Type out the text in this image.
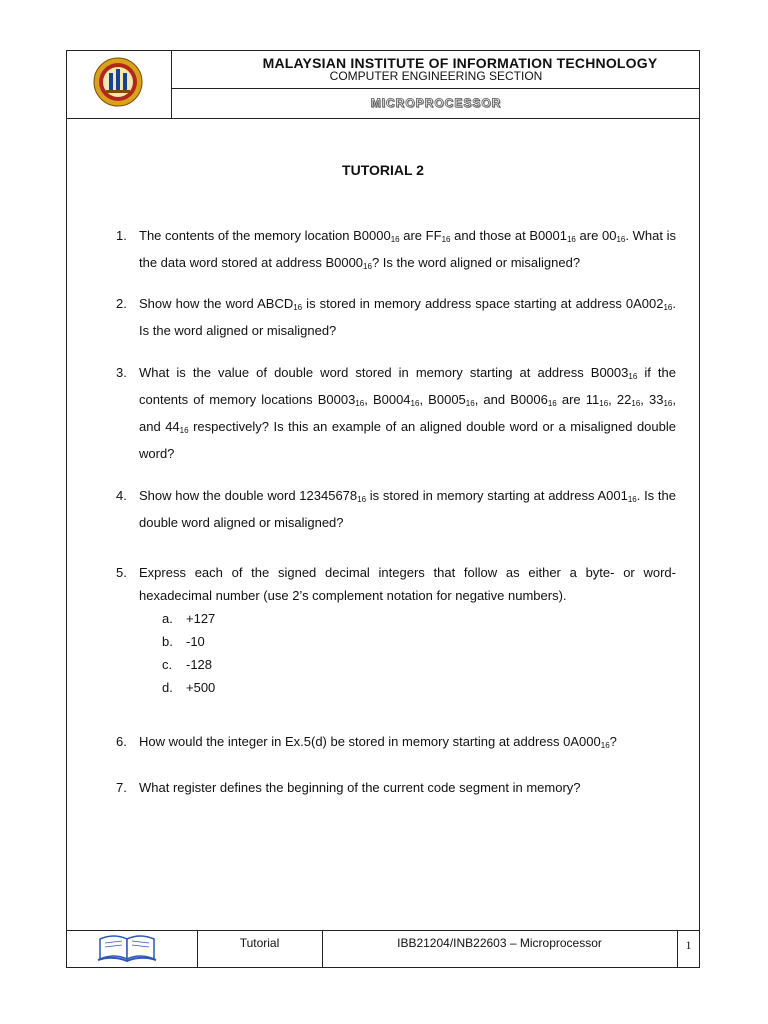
MALAYSIAN INSTITUTE OF INFORMATION TECHNOLOGY
COMPUTER ENGINEERING SECTION
MICROPROCESSOR
TUTORIAL 2
1. The contents of the memory location $B0000_{16}$ are $FF_{16}$ and those at $B0001_{16}$ are $00_{16}$. What is the data word stored at address $B0000_{16}$? Is the word aligned or misaligned?
2. Show how the word $ABCD_{16}$ is stored in memory address space starting at address $0A002_{16}$. Is the word aligned or misaligned?
3. What is the value of double word stored in memory starting at address $B0003_{16}$ if the contents of memory locations $B0003_{16}$, $B0004_{16}$, $B0005_{16}$, and $B0006_{16}$ are $11_{16}$, $22_{16}$, $33_{16}$, and $44_{16}$ respectively? Is this an example of an aligned double word or a misaligned double word?
4. Show how the double word $12345678_{16}$ is stored in memory starting at address $A001_{16}$. Is the double word aligned or misaligned?
5. Express each of the signed decimal integers that follow as either a byte- or word-hexadecimal number (use 2’s complement notation for negative numbers).
a. +127
b. -10
c. -128
d. +500
6. How would the integer in Ex.5(d) be stored in memory starting at address $0A000_{16}$?
7. What register defines the beginning of the current code segment in memory?
Tutorial	IBB21204/INB22603 – Microprocessor	1
